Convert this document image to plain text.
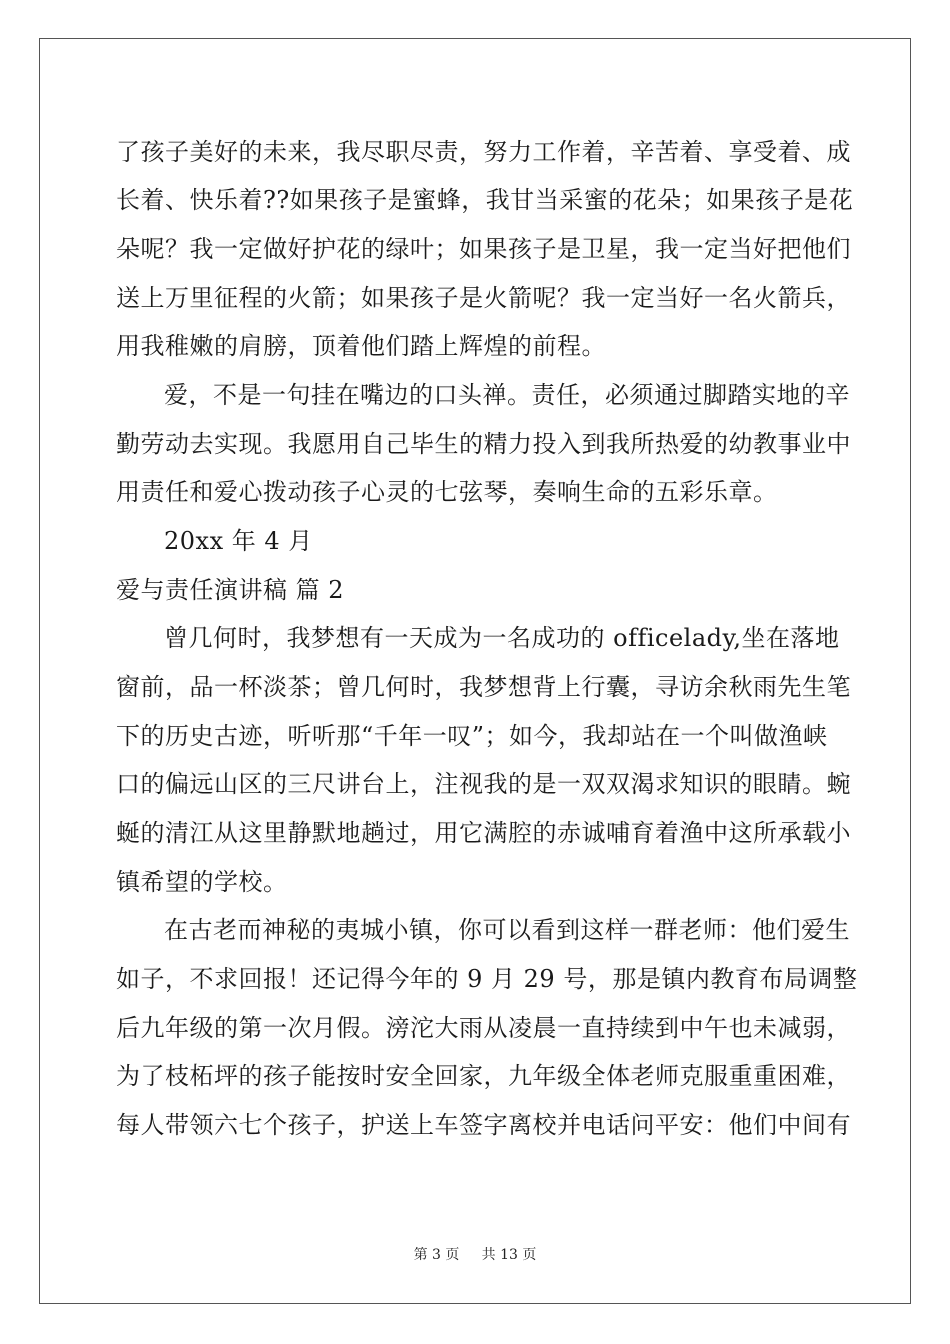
了孩子美好的未来，我尽职尽责，努力工作着，辛苦着、享受着、成
长着、快乐着??如果孩子是蜜蜂，我甘当采蜜的花朵；如果孩子是花
朵呢？我一定做好护花的绿叶；如果孩子是卫星，我一定当好把他们
送上万里征程的火箭；如果孩子是火箭呢？我一定当好一名火箭兵，
用我稚嫩的肩膀，顶着他们踏上辉煌的前程。
爱，不是一句挂在嘴边的口头禅。责任，必须通过脚踏实地的辛
勤劳动去实现。我愿用自己毕生的精力投入到我所热爱的幼教事业中
用责任和爱心拨动孩子心灵的七弦琴，奏响生命的五彩乐章。
20xx 年 4 月
爱与责任演讲稿 篇 2
曾几何时，我梦想有一天成为一名成功的 officelady,坐在落地
窗前，品一杯淡茶；曾几何时，我梦想背上行囊，寻访余秋雨先生笔
下的历史古迹，听听那“千年一叹”；如今，我却站在一个叫做渔峡
口的偏远山区的三尺讲台上，注视我的是一双双渴求知识的眼睛。蜿
蜒的清江从这里静默地趟过，用它满腔的赤诚哺育着渔中这所承载小
镇希望的学校。
在古老而神秘的夷城小镇，你可以看到这样一群老师：他们爱生
如子，不求回报！还记得今年的 9 月 29 号，那是镇内教育布局调整
后九年级的第一次月假。滂沱大雨从凌晨一直持续到中午也未减弱，
为了枝柘坪的孩子能按时安全回家，九年级全体老师克服重重困难，
每人带领六七个孩子，护送上车签字离校并电话问平安：他们中间有
第 3 页 共 13 页
